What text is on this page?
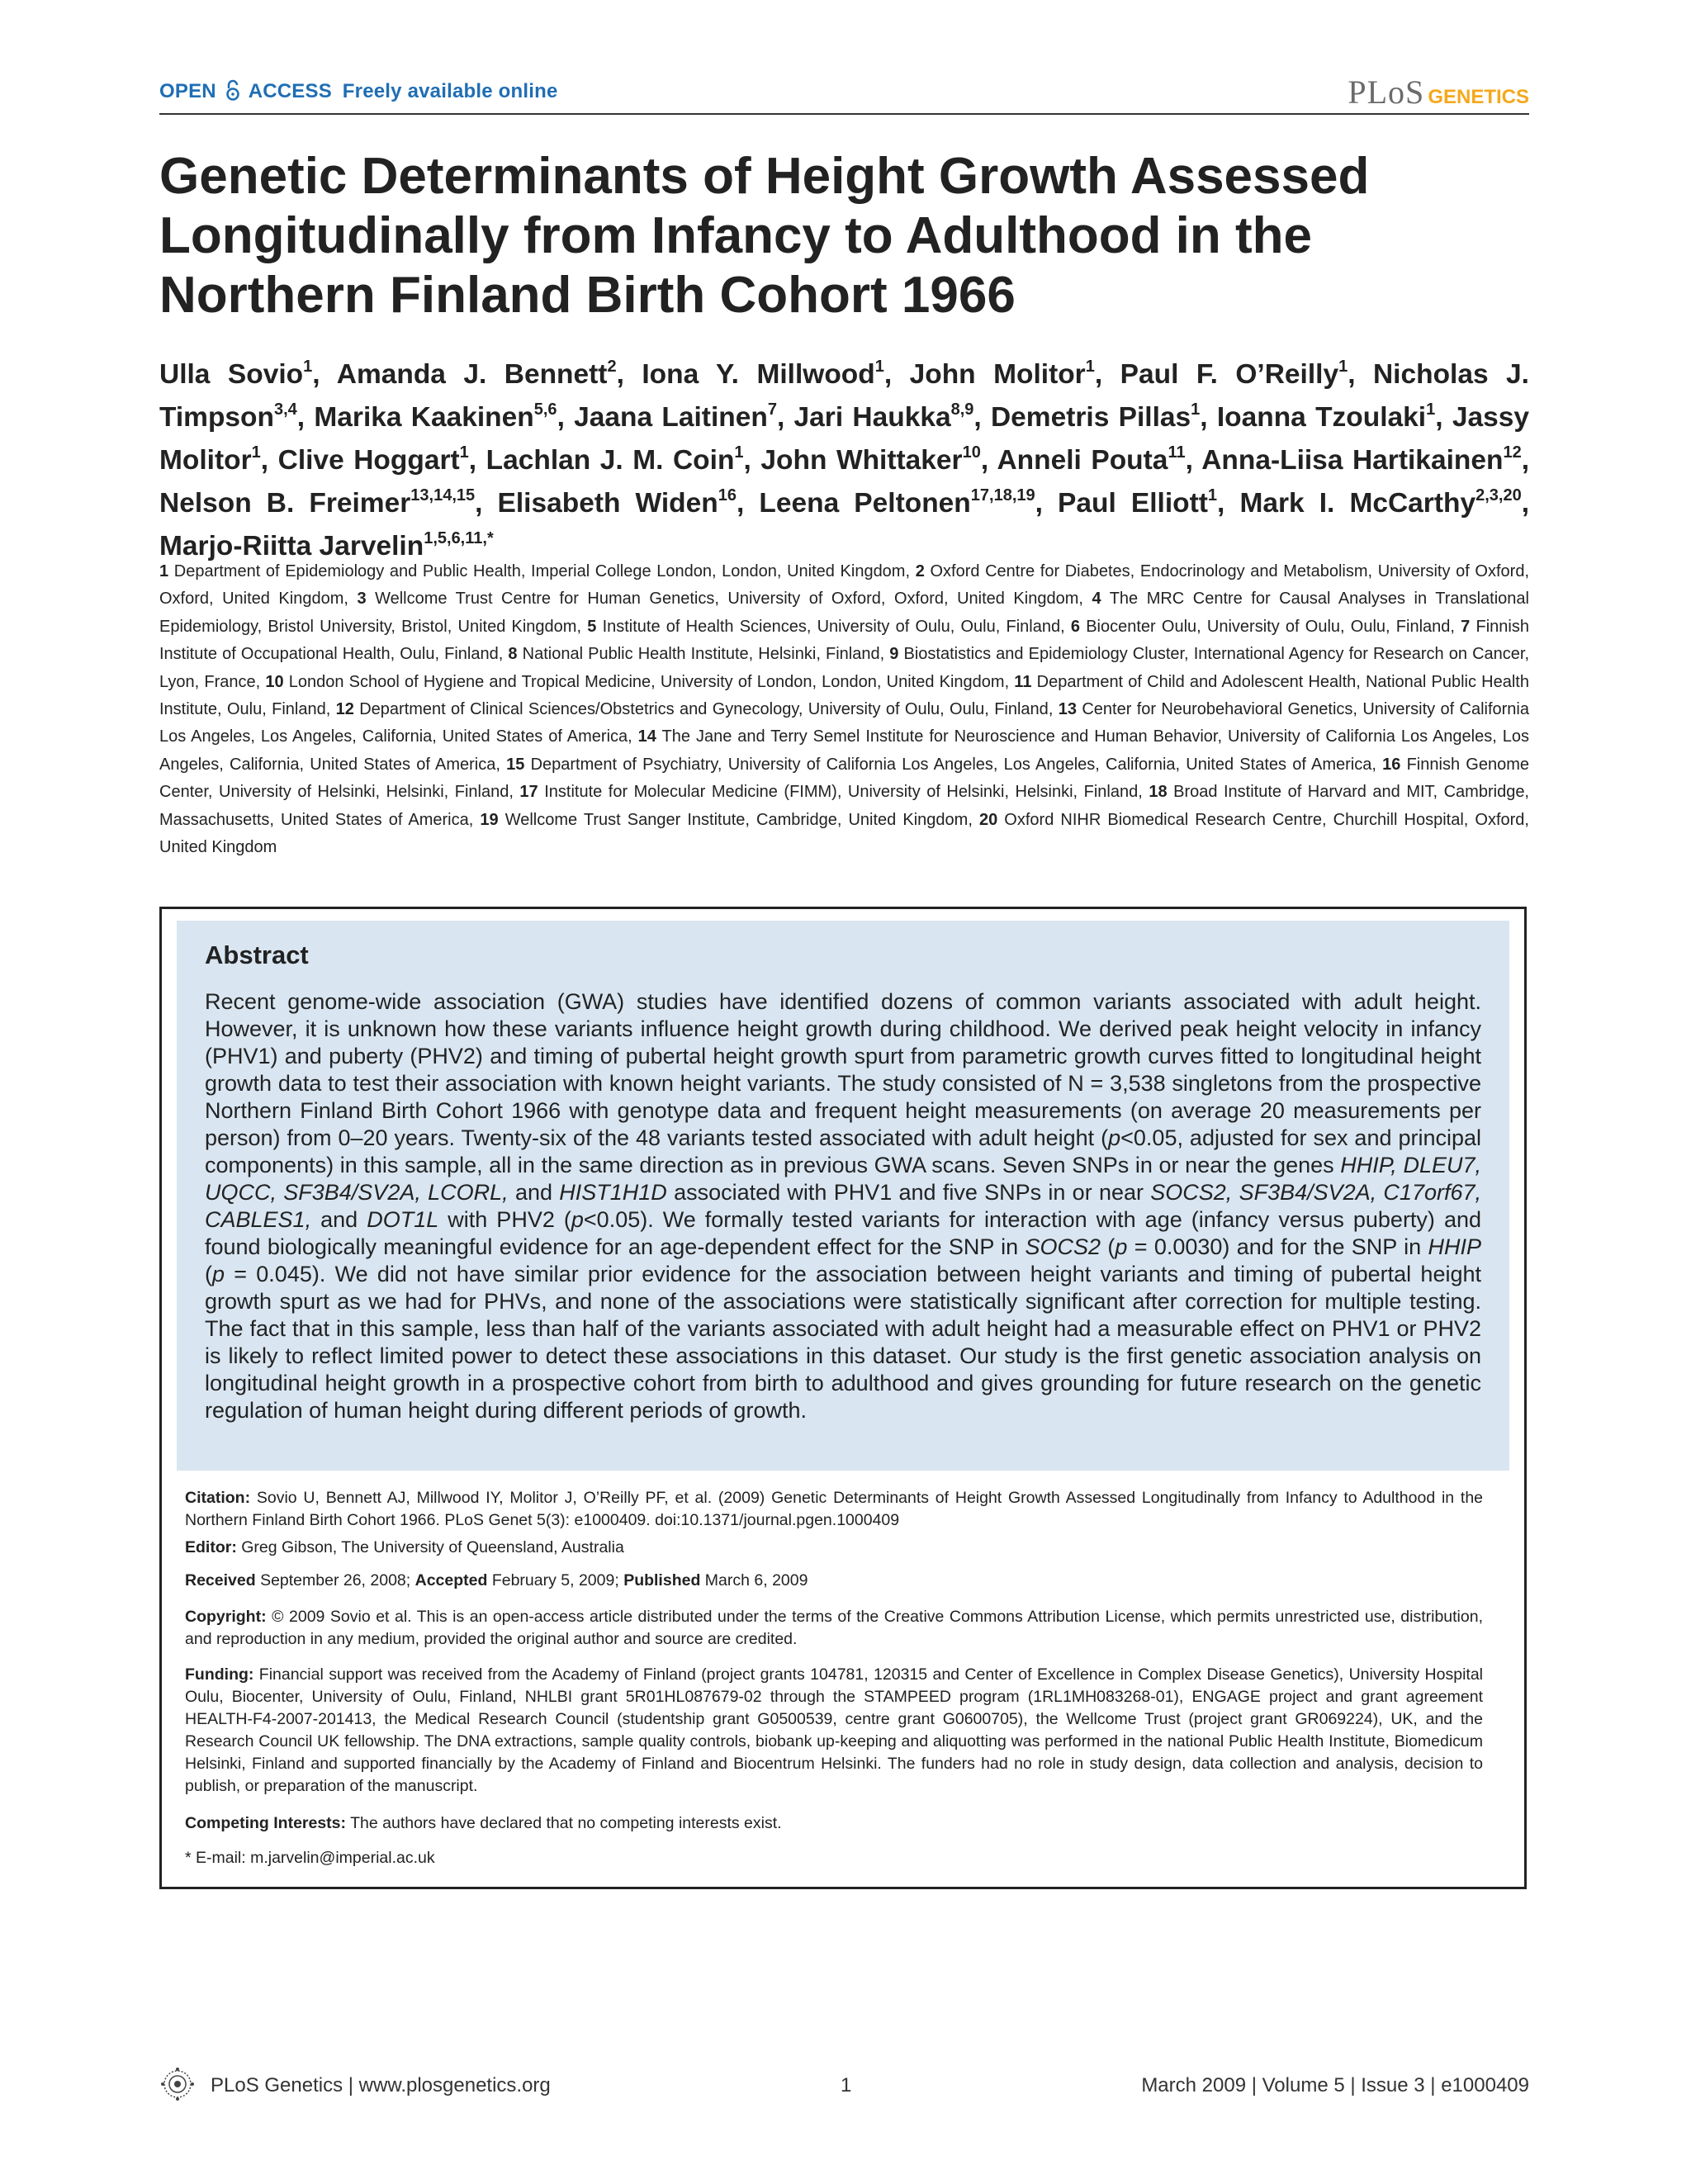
OPEN ACCESS Freely available online	PLoS GENETICS
Genetic Determinants of Height Growth Assessed Longitudinally from Infancy to Adulthood in the Northern Finland Birth Cohort 1966
Ulla Sovio$^1$, Amanda J. Bennett$^2$, Iona Y. Millwood$^1$, John Molitor$^1$, Paul F. O’Reilly$^1$, Nicholas J. Timpson$^{3,4}$, Marika Kaakinen$^{5,6}$, Jaana Laitinen$^7$, Jari Haukka$^{8,9}$, Demetris Pillas$^1$, Ioanna Tzoulaki$^1$, Jassy Molitor$^1$, Clive Hoggart$^1$, Lachlan J. M. Coin$^1$, John Whittaker$^{10}$, Anneli Pouta$^{11}$, Anna-Liisa Hartikainen$^{12}$, Nelson B. Freimer$^{13,14,15}$, Elisabeth Widen$^{16}$, Leena Peltonen$^{17,18,19}$, Paul Elliott$^1$, Mark I. McCarthy$^{2,3,20}$, Marjo-Riitta Jarvelin$^{1,5,6,11,*}$
1 Department of Epidemiology and Public Health, Imperial College London, London, United Kingdom, 2 Oxford Centre for Diabetes, Endocrinology and Metabolism, University of Oxford, Oxford, United Kingdom, 3 Wellcome Trust Centre for Human Genetics, University of Oxford, Oxford, United Kingdom, 4 The MRC Centre for Causal Analyses in Translational Epidemiology, Bristol University, Bristol, United Kingdom, 5 Institute of Health Sciences, University of Oulu, Oulu, Finland, 6 Biocenter Oulu, University of Oulu, Oulu, Finland, 7 Finnish Institute of Occupational Health, Oulu, Finland, 8 National Public Health Institute, Helsinki, Finland, 9 Biostatistics and Epidemiology Cluster, International Agency for Research on Cancer, Lyon, France, 10 London School of Hygiene and Tropical Medicine, University of London, London, United Kingdom, 11 Department of Child and Adolescent Health, National Public Health Institute, Oulu, Finland, 12 Department of Clinical Sciences/Obstetrics and Gynecology, University of Oulu, Oulu, Finland, 13 Center for Neurobehavioral Genetics, University of California Los Angeles, Los Angeles, California, United States of America, 14 The Jane and Terry Semel Institute for Neuroscience and Human Behavior, University of California Los Angeles, Los Angeles, California, United States of America, 15 Department of Psychiatry, University of California Los Angeles, Los Angeles, California, United States of America, 16 Finnish Genome Center, University of Helsinki, Helsinki, Finland, 17 Institute for Molecular Medicine (FIMM), University of Helsinki, Helsinki, Finland, 18 Broad Institute of Harvard and MIT, Cambridge, Massachusetts, United States of America, 19 Wellcome Trust Sanger Institute, Cambridge, United Kingdom, 20 Oxford NIHR Biomedical Research Centre, Churchill Hospital, Oxford, United Kingdom
Abstract
Recent genome-wide association (GWA) studies have identified dozens of common variants associated with adult height. However, it is unknown how these variants influence height growth during childhood. We derived peak height velocity in infancy (PHV1) and puberty (PHV2) and timing of pubertal height growth spurt from parametric growth curves fitted to longitudinal height growth data to test their association with known height variants. The study consisted of N = 3,538 singletons from the prospective Northern Finland Birth Cohort 1966 with genotype data and frequent height measurements (on average 20 measurements per person) from 0–20 years. Twenty-six of the 48 variants tested associated with adult height (p<0.05, adjusted for sex and principal components) in this sample, all in the same direction as in previous GWA scans. Seven SNPs in or near the genes HHIP, DLEU7, UQCC, SF3B4/SV2A, LCORL, and HIST1H1D associated with PHV1 and five SNPs in or near SOCS2, SF3B4/SV2A, C17orf67, CABLES1, and DOT1L with PHV2 (p<0.05). We formally tested variants for interaction with age (infancy versus puberty) and found biologically meaningful evidence for an age-dependent effect for the SNP in SOCS2 (p = 0.0030) and for the SNP in HHIP (p = 0.045). We did not have similar prior evidence for the association between height variants and timing of pubertal height growth spurt as we had for PHVs, and none of the associations were statistically significant after correction for multiple testing. The fact that in this sample, less than half of the variants associated with adult height had a measurable effect on PHV1 or PHV2 is likely to reflect limited power to detect these associations in this dataset. Our study is the first genetic association analysis on longitudinal height growth in a prospective cohort from birth to adulthood and gives grounding for future research on the genetic regulation of human height during different periods of growth.
Citation: Sovio U, Bennett AJ, Millwood IY, Molitor J, O’Reilly PF, et al. (2009) Genetic Determinants of Height Growth Assessed Longitudinally from Infancy to Adulthood in the Northern Finland Birth Cohort 1966. PLoS Genet 5(3): e1000409. doi:10.1371/journal.pgen.1000409
Editor: Greg Gibson, The University of Queensland, Australia
Received September 26, 2008; Accepted February 5, 2009; Published March 6, 2009
Copyright: © 2009 Sovio et al. This is an open-access article distributed under the terms of the Creative Commons Attribution License, which permits unrestricted use, distribution, and reproduction in any medium, provided the original author and source are credited.
Funding: Financial support was received from the Academy of Finland (project grants 104781, 120315 and Center of Excellence in Complex Disease Genetics), University Hospital Oulu, Biocenter, University of Oulu, Finland, NHLBI grant 5R01HL087679-02 through the STAMPEED program (1RL1MH083268-01), ENGAGE project and grant agreement HEALTH-F4-2007-201413, the Medical Research Council (studentship grant G0500539, centre grant G0600705), the Wellcome Trust (project grant GR069224), UK, and the Research Council UK fellowship. The DNA extractions, sample quality controls, biobank up-keeping and aliquotting was performed in the national Public Health Institute, Biomedicum Helsinki, Finland and supported financially by the Academy of Finland and Biocentrum Helsinki. The funders had no role in study design, data collection and analysis, decision to publish, or preparation of the manuscript.
Competing Interests: The authors have declared that no competing interests exist.
* E-mail: m.jarvelin@imperial.ac.uk
PLoS Genetics | www.plosgenetics.org	1	March 2009 | Volume 5 | Issue 3 | e1000409
